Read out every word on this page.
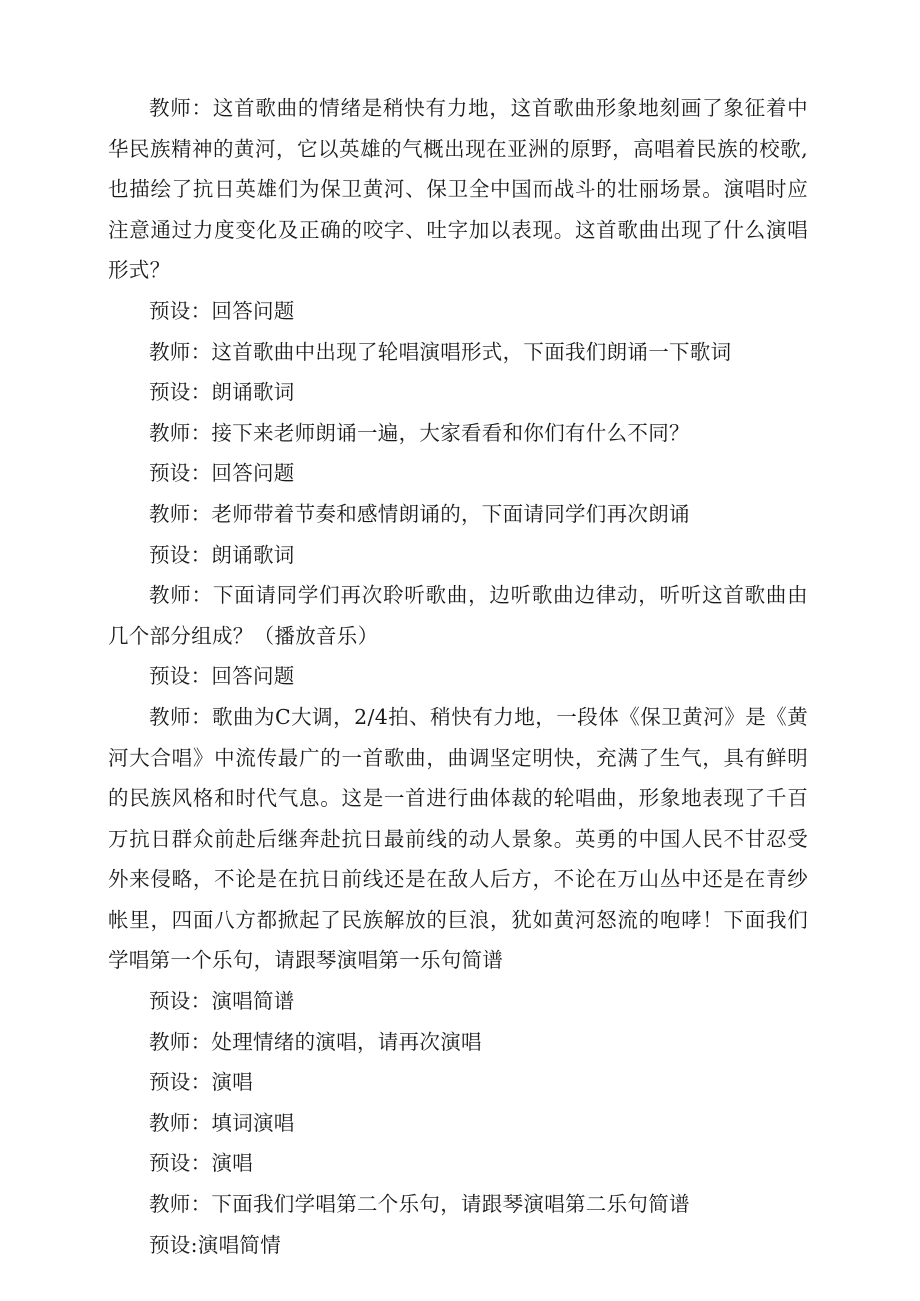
教师：这首歌曲的情绪是稍快有力地，这首歌曲形象地刻画了象征着中华民族精神的黄河，它以英雄的气概出现在亚洲的原野，高唱着民族的校歌,也描绘了抗日英雄们为保卫黄河、保卫全中国而战斗的壮丽场景。演唱时应注意通过力度变化及正确的咬字、吐字加以表现。这首歌曲出现了什么演唱形式？

预设：回答问题

教师：这首歌曲中出现了轮唱演唱形式，下面我们朗诵一下歌词

预设：朗诵歌词

教师：接下来老师朗诵一遍，大家看看和你们有什么不同？

预设：回答问题

教师：老师带着节奏和感情朗诵的，下面请同学们再次朗诵

预设：朗诵歌词

教师：下面请同学们再次聆听歌曲，边听歌曲边律动，听听这首歌曲由几个部分组成？（播放音乐）

预设：回答问题

教师：歌曲为C大调，2/4拍、稍快有力地，一段体《保卫黄河》是《黄河大合唱》中流传最广的一首歌曲，曲调坚定明快，充满了生气，具有鲜明的民族风格和时代气息。这是一首进行曲体裁的轮唱曲，形象地表现了千百万抗日群众前赴后继奔赴抗日最前线的动人景象。英勇的中国人民不甘忍受外来侵略，不论是在抗日前线还是在敌人后方，不论在万山丛中还是在青纱帐里，四面八方都掀起了民族解放的巨浪，犹如黄河怒流的咆哮！下面我们学唱第一个乐句，请跟琴演唱第一乐句简谱

预设：演唱简谱

教师：处理情绪的演唱，请再次演唱

预设：演唱

教师：填词演唱

预设：演唱

教师：下面我们学唱第二个乐句，请跟琴演唱第二乐句简谱

预设:演唱简情
